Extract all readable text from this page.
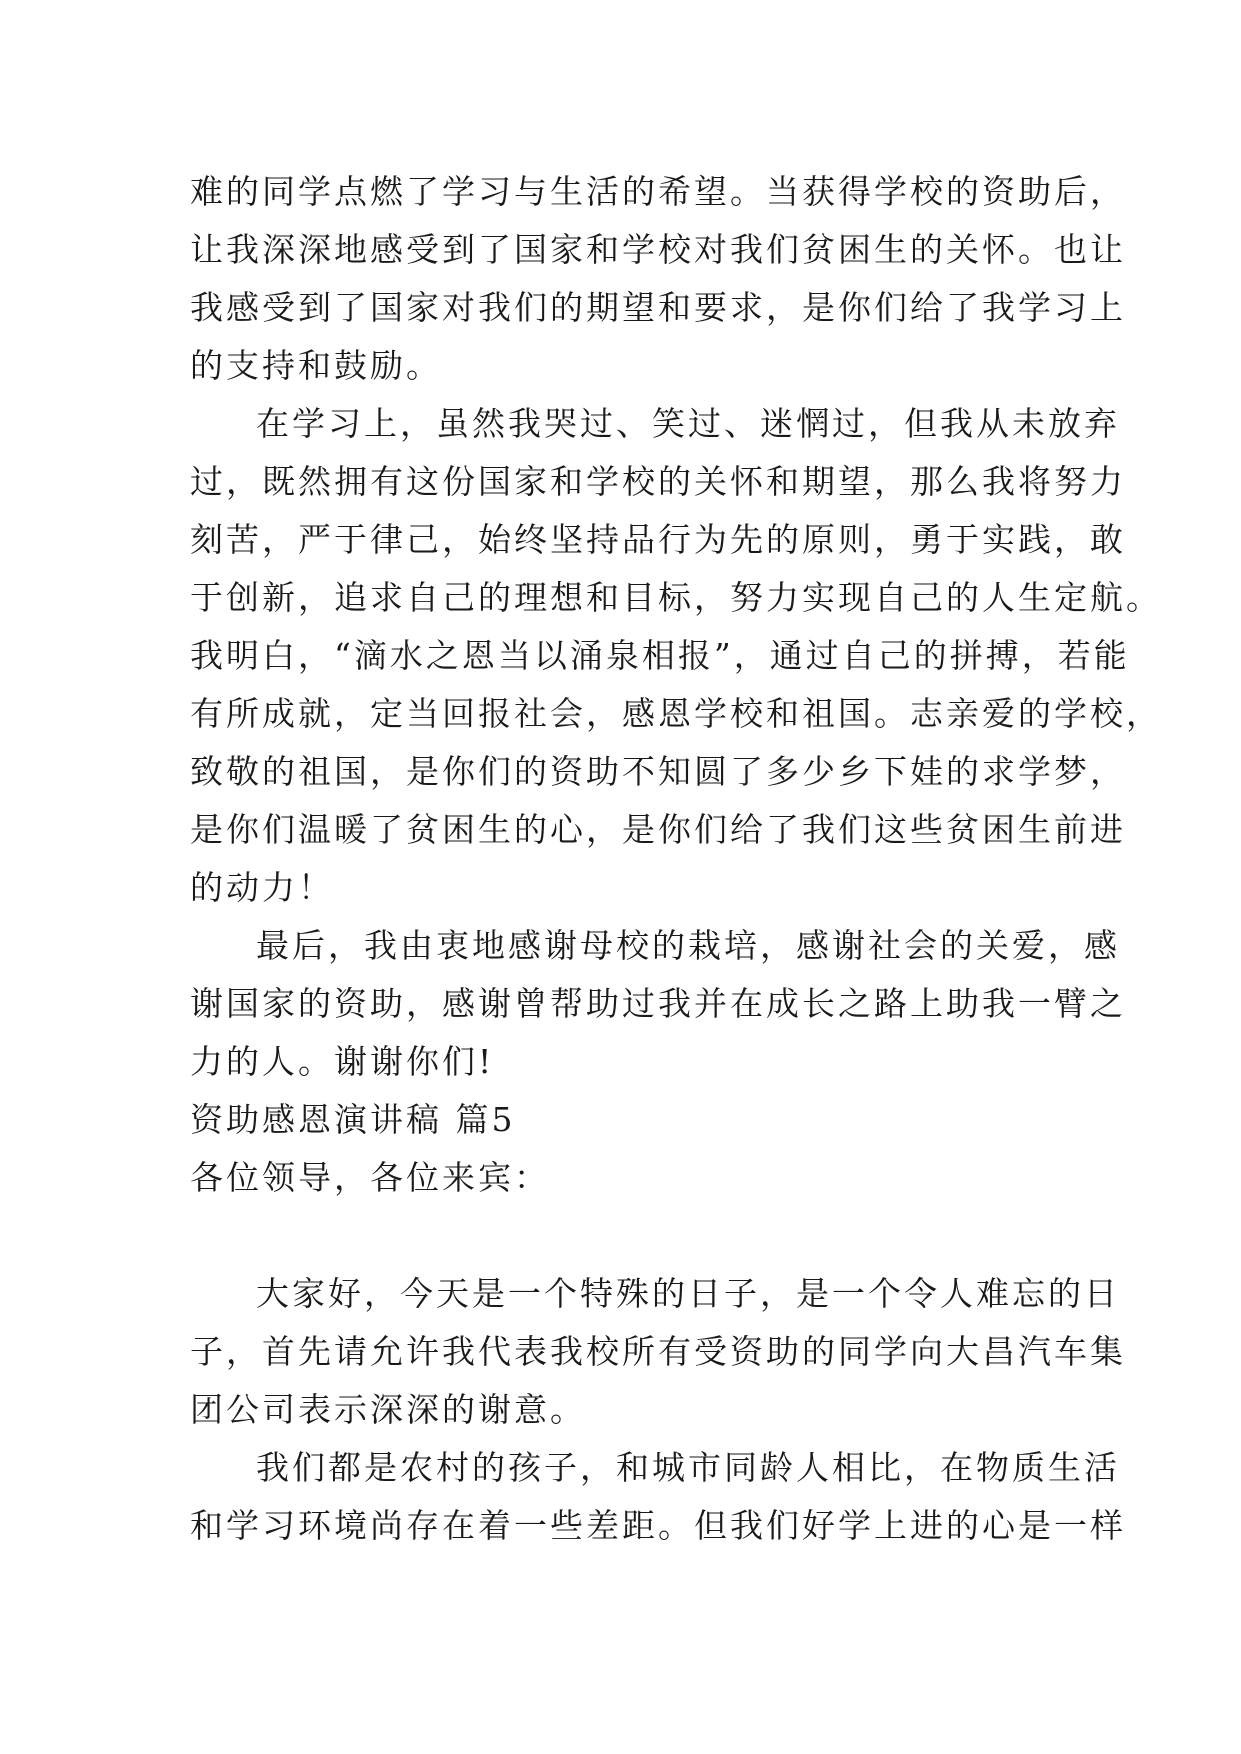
难的同学点燃了学习与生活的希望。当获得学校的资助后，
让我深深地感受到了国家和学校对我们贫困生的关怀。也让
我感受到了国家对我们的期望和要求，是你们给了我学习上
的支持和鼓励。
在学习上，虽然我哭过、笑过、迷惘过，但我从未放弃
过，既然拥有这份国家和学校的关怀和期望，那么我将努力
刻苦，严于律己，始终坚持品行为先的原则，勇于实践，敢
于创新，追求自己的理想和目标，努力实现自己的人生定航。
我明白，“滴水之恩当以涌泉相报”，通过自己的拼搏，若能
有所成就，定当回报社会，感恩学校和祖国。志亲爱的学校，
致敬的祖国，是你们的资助不知圆了多少乡下娃的求学梦，
是你们温暖了贫困生的心，是你们给了我们这些贫困生前进
的动力！
最后，我由衷地感谢母校的栽培，感谢社会的关爱，感
谢国家的资助，感谢曾帮助过我并在成长之路上助我一臂之
力的人。谢谢你们!
资助感恩演讲稿 篇5
各位领导，各位来宾：
大家好，今天是一个特殊的日子，是一个令人难忘的日
子，首先请允许我代表我校所有受资助的同学向大昌汽车集
团公司表示深深的谢意。
我们都是农村的孩子，和城市同龄人相比，在物质生活
和学习环境尚存在着一些差距。但我们好学上进的心是一样
